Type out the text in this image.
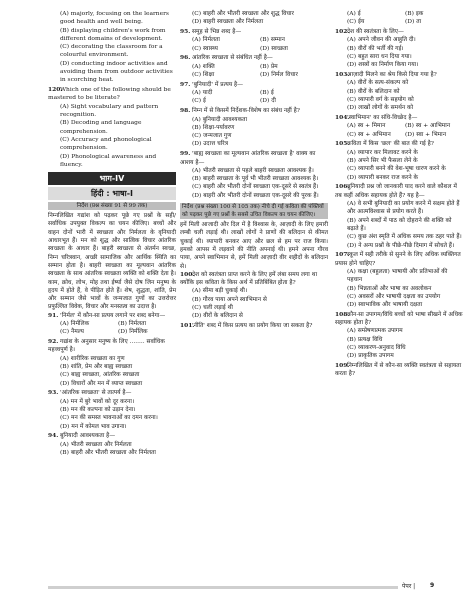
(A) majorly, focusing on the learners good health and well being.
(B) displaying children's work from different domains of development.
(C) decorating the classroom for a colourful environment.
(D) conducting indoor activities and avoiding them from outdoor activities in scorching heat.
120.Which one of the following should be mastered to be literate?
(A) Sight vocabulary and pattern recognition.
(B) Decoding and language comprehension.
(C) Accuracy and phonological comprehension.
(D) Phonological awareness and fluency.
भाग-IV
हिंदी : भाषा-I
निर्देश (प्रश्न संख्या 91 से 99 तक)

निम्नलिखित गद्यांश को पढ़कर पूछे गए प्रश्नों के सही/सर्वाधिक उपयुक्त विकल्प का चयन कीजिए। बच्चों और वाहन दोनों भारी में स्वच्छता और निर्मलता के वृनियादी आधारभूत हैं। मन को शुद्ध और सात्विक विचार आंतरिक स्वच्छता के आधार हैं। बाहरी स्वच्छता से अंतर्मन स्वच्छ, निम्न चरित्रवान, अच्छी सामाजिक और आर्थिक स्थिति का सम्मान होता है। बाहरी स्वच्छता का मूल्यवान आंतरिक स्वच्छता के साथ आंतरिक स्वच्छता व्यक्ति को शक्ति देता है। काम, क्रोध, लोभ, मोह तथा ईर्ष्या जैसे दोष जिन मनुष्य के हृदय में होते हैं, वे पीड़ित होते हैं। शेष, शुद्धता, शांति, प्रेम और सम्मान जैसे भावों के जन्मजात गुणों का उत्तरोत्तर प्रफुल्लित विवेक, विचार और मनस्तत्व का उदात्त है।

91. 'निर्मल' में कौन-सा प्रत्यय लगाने पर शब्द बनेगा—
(A) निर्मलिक	(B) निर्मलता
(C) नैमल्य	(D) निर्मलिक
92. गद्यांश के अनुसार मनुष्य के लिए ........ सर्वाधिक महत्त्वपूर्ण है।
(A) शारीरिक स्वच्छता का गुण
(B) शांति, प्रेम और बाह्य स्वच्छता
(C) बाह्य स्वच्छता, आंतरिक स्वच्छता
(D) विचारों और मन में व्याप्त स्वच्छता
93. 'आंतरिक स्वच्छता' से तात्पर्य है—
(A) मन में बुरे भावों को दूर करना।
(B) मन की कल्पना को उड़ान देना।
(C) मन की समस्त भावनाओं का दमन करना।
(D) मन में कोमल भाव उगाना।
94. बुनियादी आवश्यकता है—
(A) भीतरी स्वच्छता और निर्मलता
(B) बाहरी और भीतरी स्वच्छता और निर्मलता
(C) बाहरी और भीतरी स्वच्छता और शुद्ध विचार
(D) बाहरी स्वच्छता और निर्मलता
95. समूह से भिन्न शब्द है—
(A) निर्मलता	(B) सम्मान
(C) स्वास्थ्य	(D) स्वच्छता
96. आंतरिक स्वच्छता से संबंधित नहीं है—
(A) शक्ति	(B) प्रेम
(C) शिक्षा	(D) निर्मल विचार
97. 'बुनियादी' में प्रत्यय है—
(A) यादी	(B) ई
(C) ई	(D) दी
98. निम्न में से किसमें निर्देशक-विशेष का संबंध नहीं है?
(A) बुनियादी आवश्यकता
(B) शिक्षा-पर्यावरण
(C) जन्मजात गुण
(D) उदात्त चरित्र
99. 'बाह्य स्वच्छता का मूल्यवान आंतरिक स्वच्छता है' वाक्य का आशय है—
(A) भीतरी स्वच्छता से पहले बाहरी स्वच्छता आवश्यक है।
(B) बाहरी स्वच्छता के पूर्व भी भीतरी स्वच्छता आवश्यक है।
(C) बाहरी और भीतरी दोनों स्वच्छता एक-दूसरे से स्वतंत्र हैं।
(D) बाहरी और भीतरी दोनों स्वच्छता एक-दूसरे की पूरक हैं।
निर्देश (प्रश्न संख्या 100 से 105 तक) नीचे दी गई कविता की पंक्तियों को पढ़कर पूछे गए प्रश्नों के सबसे उचित विकल्प का चयन कीजिए।

हमें मिली आजादी और दिल में है विश्वास के, आज़ादी के लिए हमारी लम्बी चली लड़ाई थी। लाखों लोगों ने प्राणों की बलिदान से कीमत चुकाई थी। व्यापारी बनकर आए और छल से हम पर राज किया। हमको आपस में लड़वाने की नीति अपनाई थी। हमने अपना गौरव पाया, अपने स्वाभिमान से, हमें मिली आज़ादी वीर शहीदों के बलिदान से।

100.देश को स्वतंत्रता प्राप्त करने के लिए हमें लंबा समय लगा था क्योंकि इस कविता के किस अर्थ में प्रतिबिंबित होता है?
(A) सीमा बड़ी चुकाई थी।
(B) गौरव पाया अपने स्वाभिमान से
(C) चली लड़ाई थी
(D) वीरों के बलिदान से
101.'नीति' शब्द में किस प्रत्यय का प्रयोग किया जा सकता है?
(A) ई	(B) इक
(C) ईय	(D) ता
102.देश की स्वतंत्रता के लिए—
(A) अपने जीवन की आहुति दी।
(B) वीरों की भर्ती की गई।
(C) बहुत सारा धन दिया गया।
(D) शस्त्रों का निर्माण किया गया।
103.आज़ादी मिलने का श्रेय किसे दिया गया है?
(A) वीरों के सत्य-संकल्प को
(B) वीरों के बलिदान को
(C) व्यापारी वर्ग के सहयोग को
(D) लाखों लोगों के समर्थन को
104.'स्वाभिमान' का संधि-विच्छेद है—
(A) स्व + मिमान	(B) स्व + आभिमान
(C) स्व + अभिमान	(D) स्वा + भिमान
105.कविता में किस 'छल' की बात की गई है?
(A) व्यापार कर मिलावट करने के
(B) अपने सिर भी फैसला लेने के
(C) व्यापारी बनने की वेश-भूषा धारण करने के
(D) व्यापारी बनकर राज करने के
106.बुनियादी प्रश्न जो जानकारी याद करने वाले कौशल में तब कहीं अधिक सहायक होते हैं? यह है—
(A) वे सभी बुनियादी का प्रयोग करने में सक्षम होते हैं और आत्मविश्वास से प्रयोग करते हैं।
(B) अपने शब्दों में पाठ को दोहराने की शक्ति को बढ़ाते हैं।
(C) कुछ अंश स्मृति में अधिक समय तक ठहर पाते हैं।
(D) ने अन्य प्रश्नों के पीछे-पीछे दिमाग में सोचते हैं।
107.स्कूल में सही तरीके से सुनने के लिए अधिक व्यक्तिगत प्रयास होने चाहिए?
(A) कक्षा (बहुलता) भाषायी और प्रतिभाओं की पहचान
(B) भिन्नताओं और भाषा का अवलोकन
(C) अवसरों और भाषायी दक्षता का उपयोग
(D) स्वाभाविक और भाषायी दक्षता
108.कौन-सा उपागम/विधि बच्चों को भाषा सीखने में अधिक सहायक होता है?
(A) सम्प्रेषणात्मक उपागम
(B) प्रत्यक्ष विधि
(C) व्याकरण-अनुवाद विधि
(D) प्राकृतिक उपागम
109.निम्नलिखित में से कौन-सा व्यक्ति स्वतंत्रता से सहायता करता है?
पेपर | 9
